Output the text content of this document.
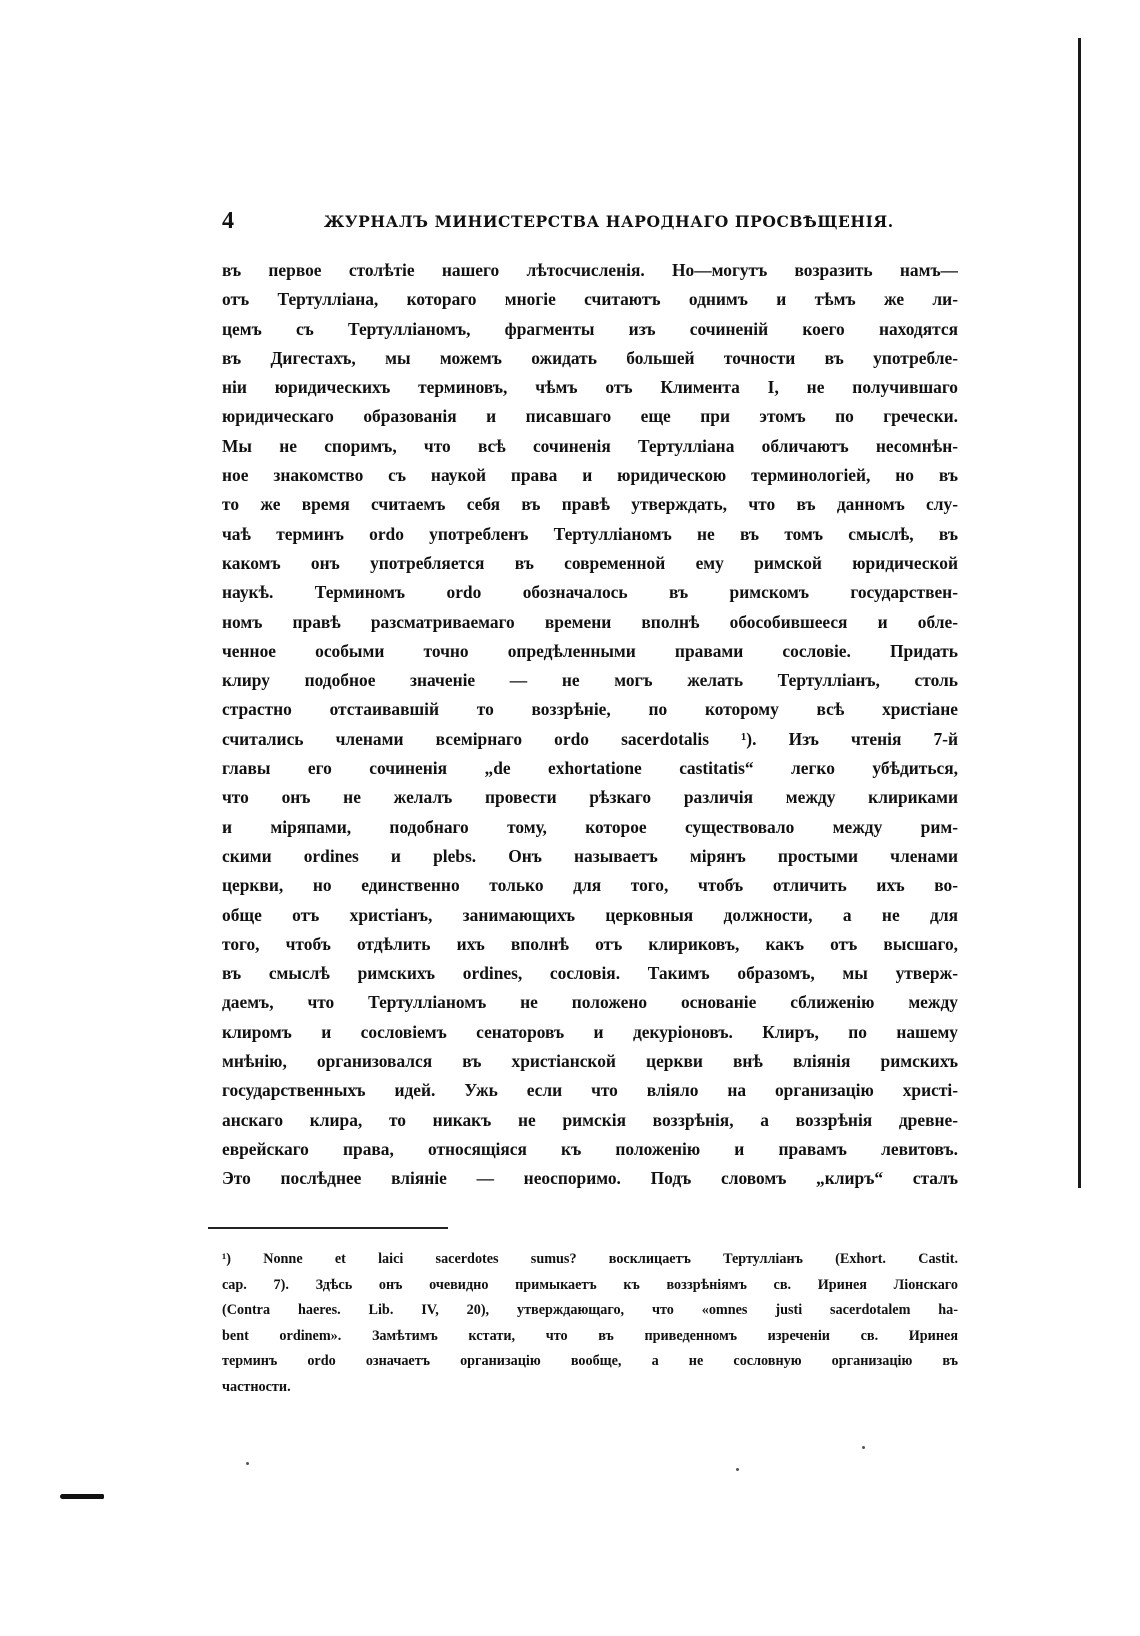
4	ЖУРНАЛЪ МИНИСТЕРСТВА НАРОДНАГО ПРОСВѢЩЕНІЯ.
въ первое столѣтіе нашего лѣтосчисленія. Но—могутъ возразить намъ—
отъ Тертулліана, котораго многіе считаютъ однимъ и тѣмъ же ли-
цемъ съ Тертулліаномъ, фрагменты изъ сочиненій коего находятся
въ Дигестахъ, мы можемъ ожидать большей точности въ употребле-
ніи юридическихъ терминовъ, чѣмъ отъ Климента I, не получившаго
юридическаго образованія и писавшаго еще при этомъ по гречески.
Мы не споримъ, что всѣ сочиненія Тертулліана обличаютъ несомнѣн-
ное знакомство съ наукой права и юридическою терминологіей, но въ
то же время считаемъ себя въ правѣ утверждать, что въ данномъ слу-
чаѣ терминъ ordo употребленъ Тертулліаномъ не въ томъ смыслѣ, въ
какомъ онъ употребляется въ современной ему римской юридической
наукѣ. Терминомъ ordo обозначалось въ римскомъ государствен-
номъ правѣ разсматриваемаго времени вполнѣ обособившееся и обле-
ченное особыми точно опредѣленными правами сословіе. Придать
клиру подобное значеніе — не могъ желать Тертулліанъ, столь
страстно отстаивавшій то воззрѣніе, по которому всѣ христіане
считались членами всемірнаго ordo sacerdotalis ¹). Изъ чтенія 7-й
главы его сочиненія „de exhortatione castitatis“ легко убѣдиться,
что онъ не желалъ провести рѣзкаго различія между клириками
и міряпами, подобнаго тому, которое существовало между рим-
скими ordines и plebs. Онъ называетъ мірянъ простыми членами
церкви, но единственно только для того, чтобъ отличить ихъ во-
обще отъ христіанъ, занимающихъ церковныя должности, а не для
того, чтобъ отдѣлить ихъ вполнѣ отъ клириковъ, какъ отъ высшаго,
въ смыслѣ римскихъ ordines, сословія. Такимъ образомъ, мы утверж-
даемъ, что Тертулліаномъ не положено основаніе сближенію между
клиромъ и сословіемъ сенаторовъ и декуріоновъ. Клиръ, по нашему
мнѣнію, организовался въ христіанской церкви внѣ вліянія римскихъ
государственныхъ идей. Ужь если что вліяло на организацію христі-
анскаго клира, то никакъ не римскія воззрѣнія, а воззрѣнія древне-
еврейскаго права, относящіяся къ положенію и правамъ левитовъ.
Это послѣднее вліяніе — неоспоримо. Подъ словомъ „клиръ“ сталъ
¹) Nonne et laici sacerdotes sumus? восклицаетъ Тертулліанъ (Exhort. Castit.
cap. 7). Здѣсь онъ очевидно примыкаетъ къ воззрѣніямъ св. Иринея Ліонскаго
(Contra haeres. Lib. IV, 20), утверждающаго, что «omnes justi sacerdotalem ha-
bent ordinem». Замѣтимъ кстати, что въ приведенномъ изреченіи св. Иринея
терминъ ordo означаетъ организацію вообще, а не сословную организацію въ
частности.
